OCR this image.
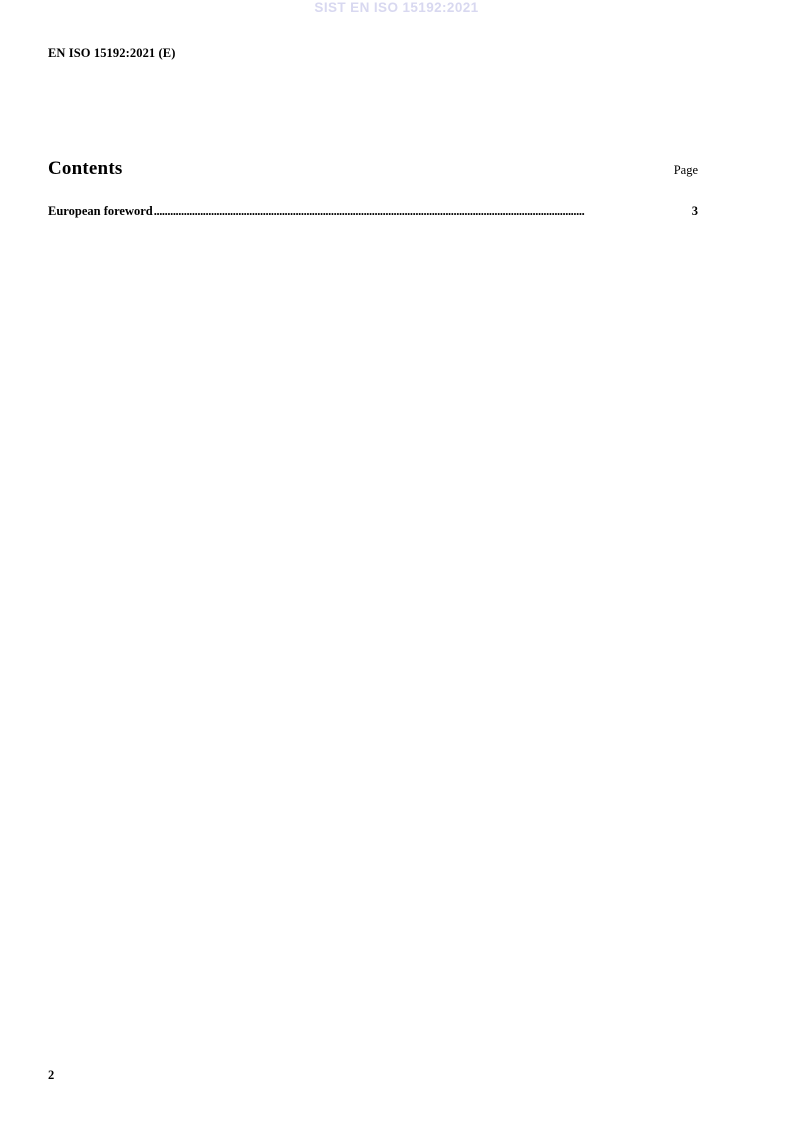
SIST EN ISO 15192:2021
EN ISO 15192:2021 (E)
Contents	Page
European foreword ..............................................................................................................................................................	3
2
